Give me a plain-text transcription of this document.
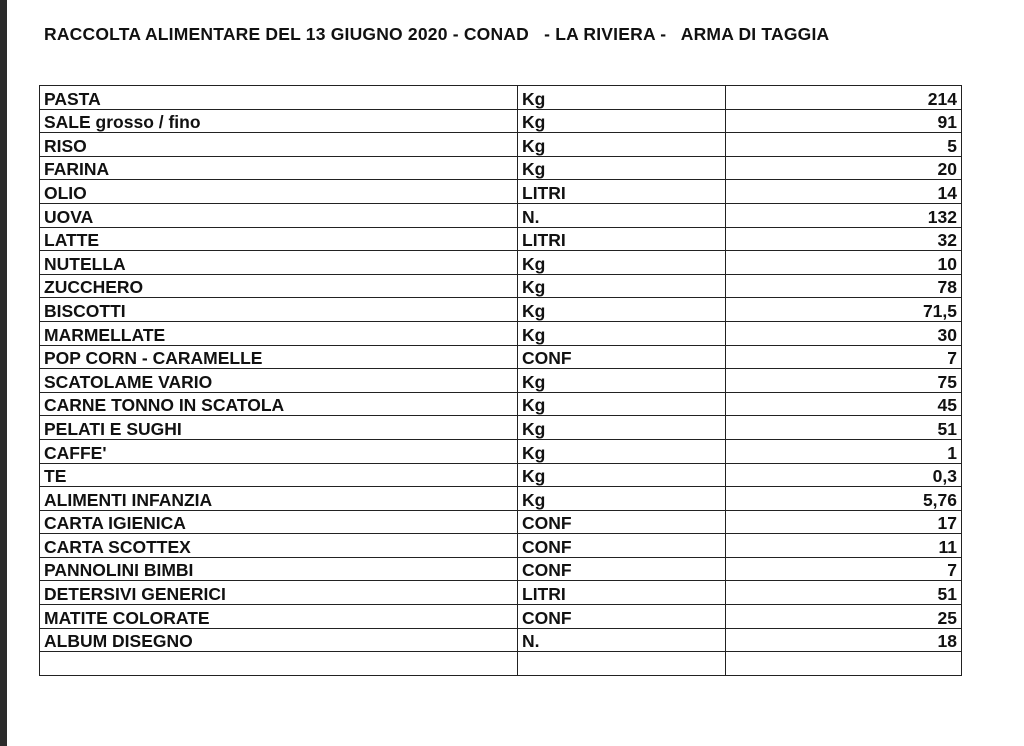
RACCOLTA ALIMENTARE DEL 13 GIUGNO 2020 - CONAD   - LA RIVIERA -   ARMA DI TAGGIA
PASTA	Kg	214
SALE grosso / fino	Kg	91
RISO	Kg	5
FARINA	Kg	20
OLIO	LITRI	14
UOVA	N.	132
LATTE	LITRI	32
NUTELLA	Kg	10
ZUCCHERO	Kg	78
BISCOTTI	Kg	71,5
MARMELLATE	Kg	30
POP CORN - CARAMELLE	CONF	7
SCATOLAME VARIO	Kg	75
CARNE TONNO IN SCATOLA	Kg	45
PELATI E SUGHI	Kg	51
CAFFE'	Kg	1
TE	Kg	0,3
ALIMENTI INFANZIA	Kg	5,76
CARTA IGIENICA	CONF	17
CARTA SCOTTEX	CONF	11
PANNOLINI BIMBI	CONF	7
DETERSIVI GENERICI	LITRI	51
MATITE COLORATE	CONF	25
ALBUM DISEGNO	N.	18
